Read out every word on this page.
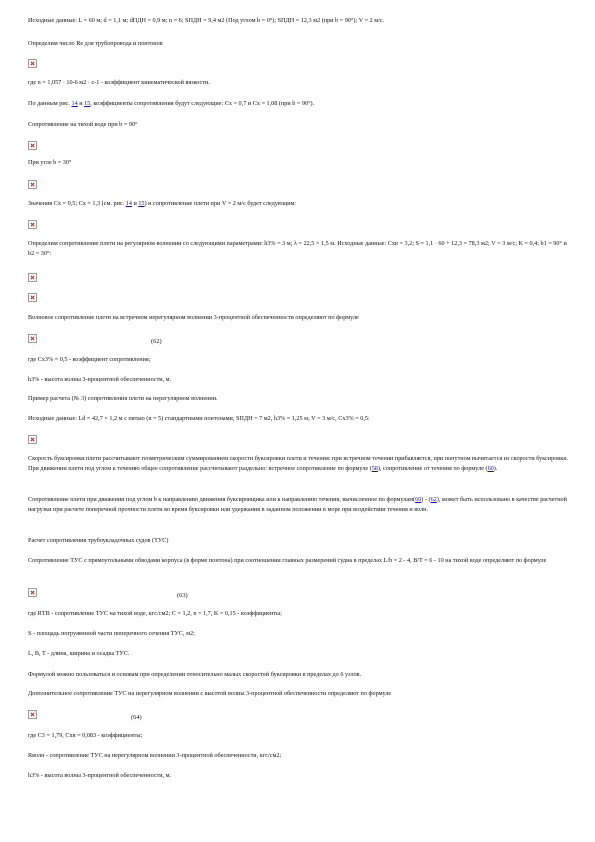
Исходные данные: L = 60 м; d = 1,1 м; dПДН = 0,9 м; n = 6; SПДН = 9,4 м2 (Под углом b = 0°); SПДН = 12,3 м2 (при b = 90°); V = 2 м/с.

Определим число Re для трубопровода и понтонов

где n = 1,057 · 10-6 м2 · с-1 - коэффициент кинематической вязкости.

По данным рис. 14 и 15, коэффициенты сопротивления будут следующие: Cx = 0,7 и Cx = 1,08 (при b = 90°).

Сопротивление на тихой воде при b = 90°

При угле b = 30°

Значения Cx = 0,5; Cx = 1,3 (см. рис. 14 и 15) и сопротивление плети при V = 2 м/с будет следующим:

Определим сопротивление плети на регулярном волнении со следующими параметрами: h3% = 3 м; λ = 22,5 × 1,5 м. Исходные данные: Cxв = 3,2; S = 1,1 · 60 + 12,3 = 78,3 м2; V = 3 м/с; K = 0,4; b1 = 90° и b2 = 30°:

Волновое сопротивление плети на встречном нерегулярном волнении 3-процентной обеспеченности определяют по формуле

(62)

где Cx3% = 0,5 - коэффициент сопротивления;

h3% - высота волны 3-процентной обеспеченности, м.

Пример расчета (№ 3) сопротивления плети на нерегулярном волнении.

Исходные данные: Ld = 42,7 × 1,2 м с пятью (n = 5) стандартными понтонами, SПДН = 7 м2, h3% = 1,25 м, V = 3 м/с, Cx3% = 0,5:

Скорость буксировки плети рассчитывают геометрическим суммированием скорости буксировки плети и течения: при встречном течении прибавляется, при попутном вычитается из скорости буксировки. При движении плети под углом к течению общее сопротивление рассчитывают раздельно: встречное сопротивление по формуле (58), сопротивление от течения по формуле (60).

Сопротивление плети при движении под углом b к направлению движения буксировщика или к направлению течения, вычисленное по формулам(60) - (62), может быть использовано в качестве расчетной нагрузки при расчете поперечной прочности плети во время буксировки или удержания в заданном положении в море при воздействии течения и волн.

Расчет сопротивления трубоукладочных судов (ТУС)

Сопротивление ТУС с прямоугольными обводами корпуса (в форме понтона) при соотношении главных размерений судна в пределах L/b = 2 - 4, B/T = 6 - 10 на тихой воде определяют по формуле

(63)

где RТВ - сопротивление ТУС на тихой воде, кгс/см2; C = 1,2, n = 1,7, K = 0,15 - коэффициенты;

S - площадь погруженной части поперечного сечения ТУС, м2;

L, B, T - длина, ширина и осадка ТУС.

Формулой можно пользоваться и основам при определении относительно малых скоростей буксировки в пределах до 6 узлов.

Дополнительное сопротивление ТУС на нерегулярном волнении с высотой волны 3-процентной обеспеченности определяют по формуле

(64)

где C3 = 1,79, Cxв = 0,083 - коэффициенты;

Rволн - сопротивление ТУС на нерегулярном волнении 3-процентной обеспеченности, кгс/см2;

h3% - высота волны 3-процентной обеспеченности, м.
